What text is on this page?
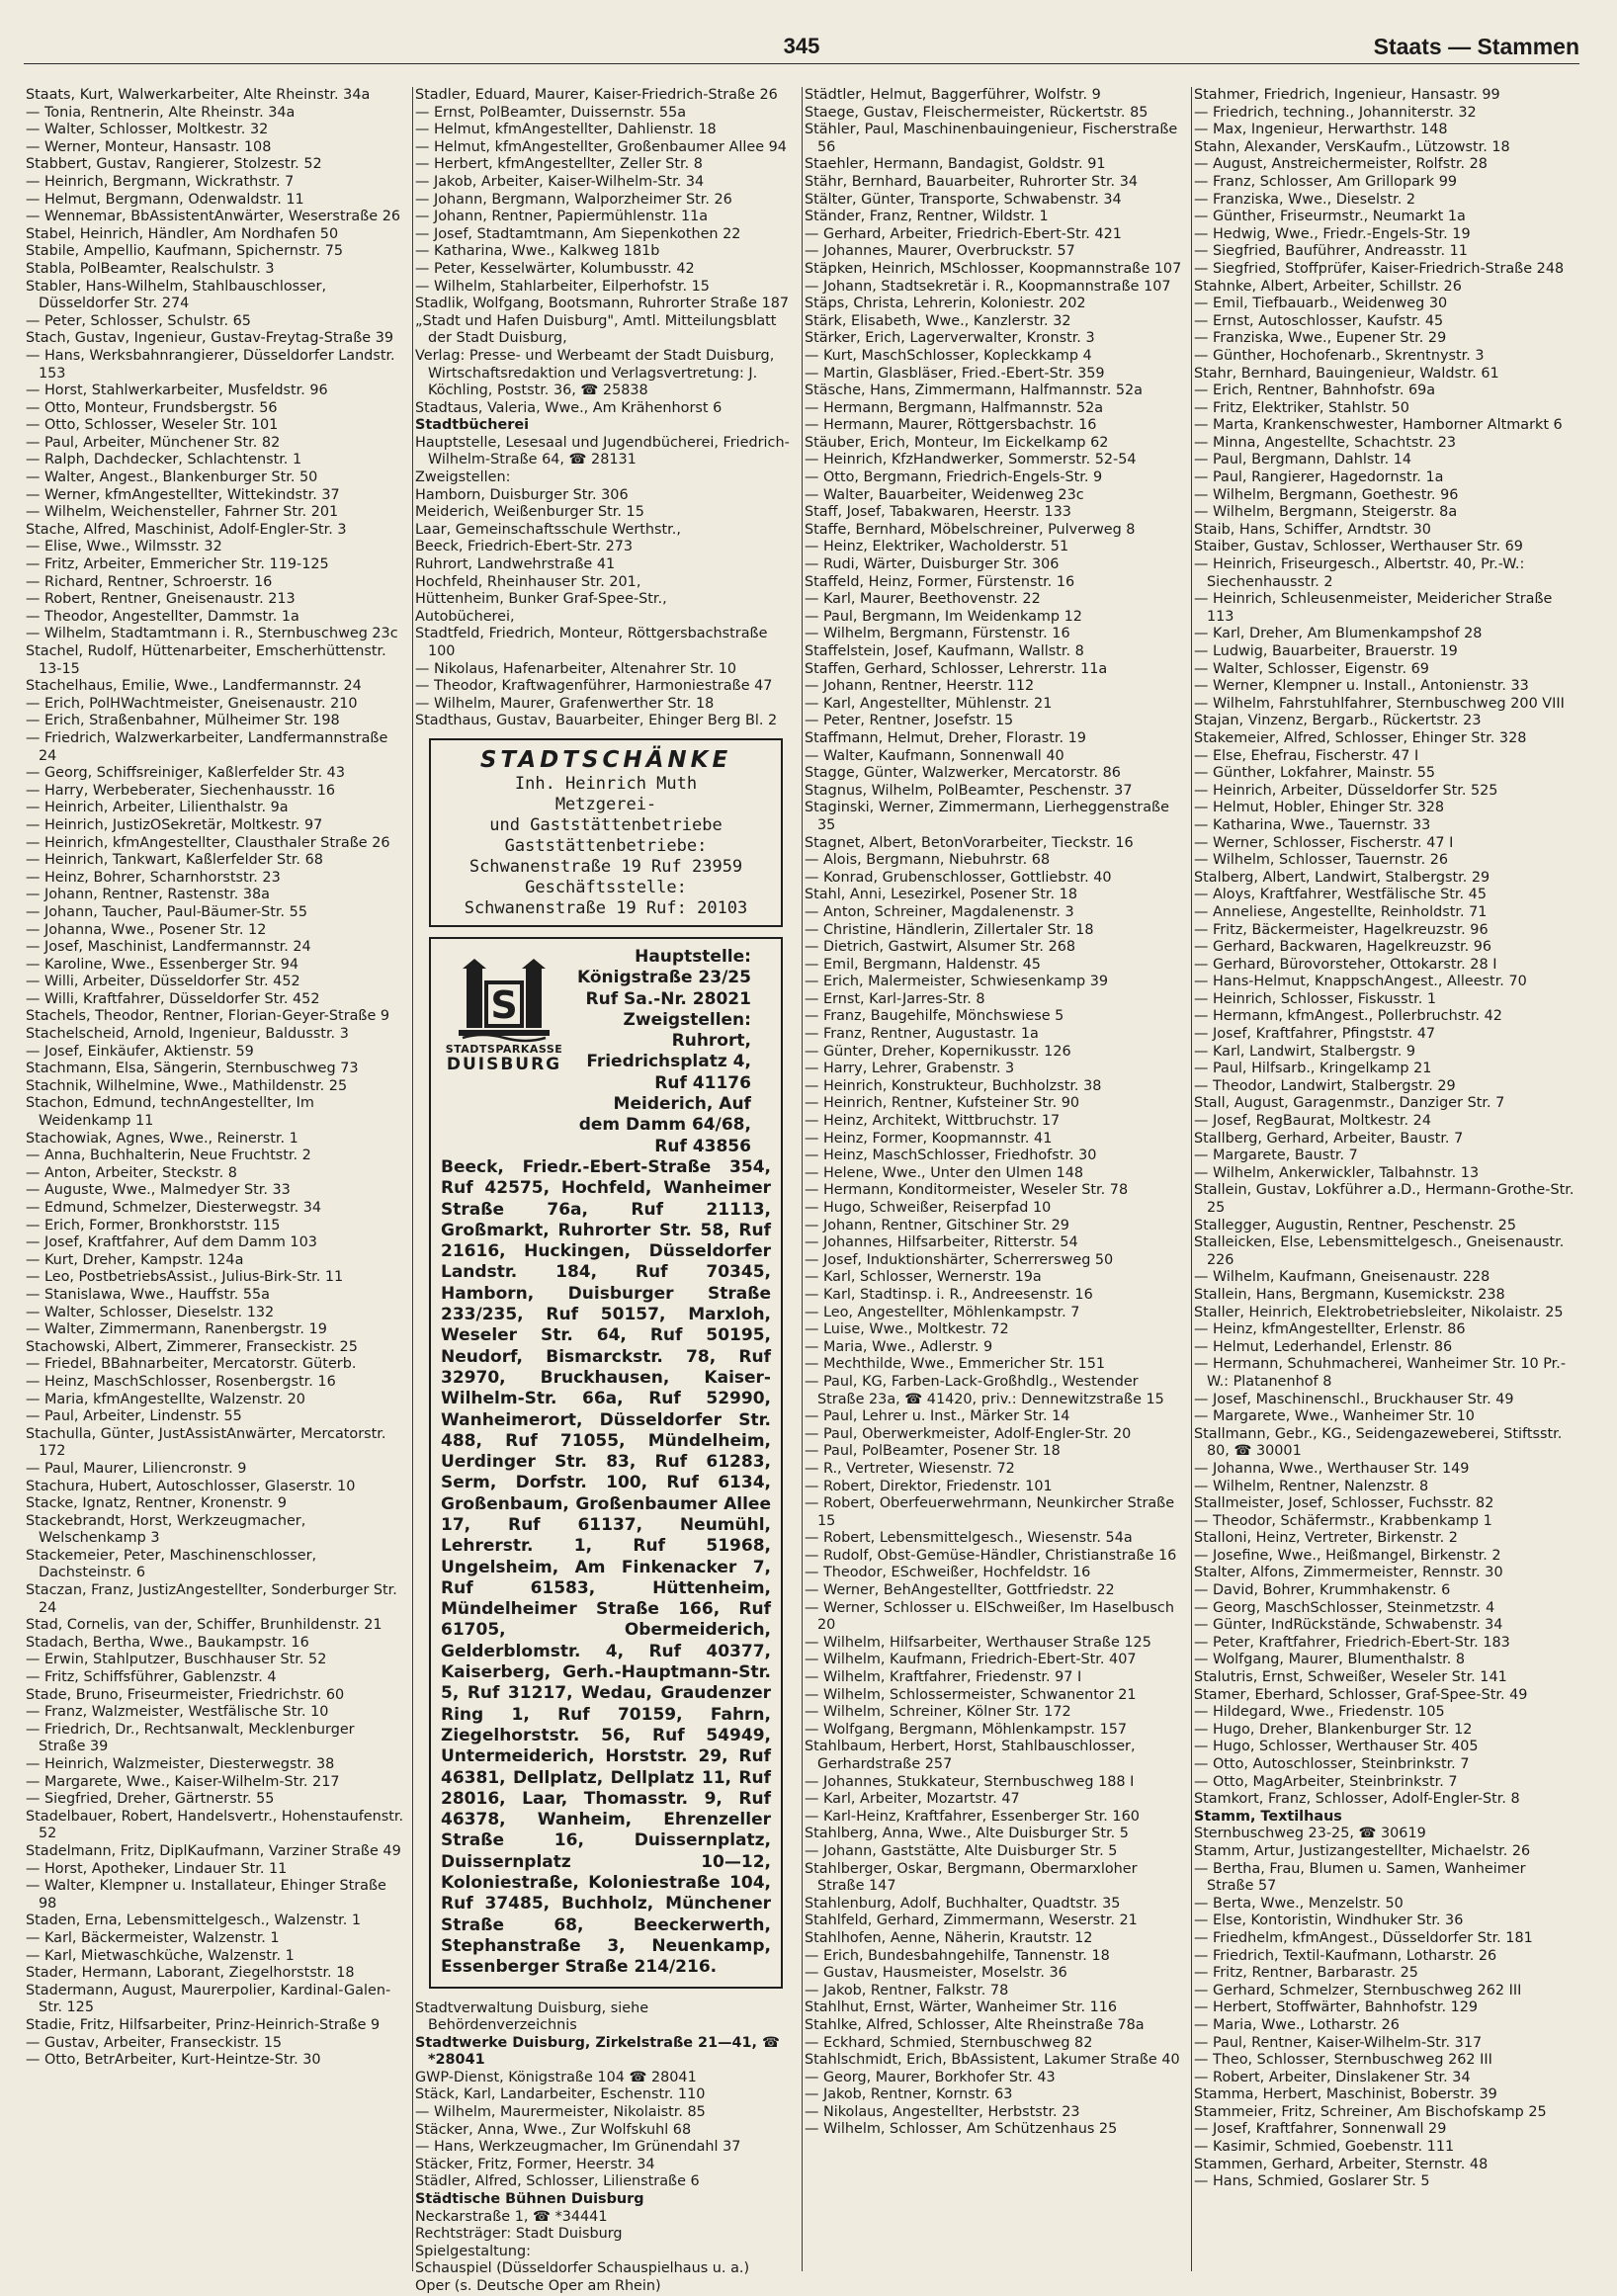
345	Staats — Stammen
Staats, Kurt, Walwerkarbeiter, Alte Rheinstr. 34a
— Tonia, Rentnerin, Alte Rheinstr. 34a
— Walter, Schlosser, Moltkestr. 32
— Werner, Monteur, Hansastr. 108
Stabbert, Gustav, Rangierer, Stolzestr. 52
— Heinrich, Bergmann, Wickrathstr. 7
— Helmut, Bergmann, Odenwaldstr. 11
— Wennemar, BbAssistentAnwärter, Weserstraße 26
Stabel, Heinrich, Händler, Am Nordhafen 50
Stabile, Ampellio, Kaufmann, Spichernstr. 75
Stabla, PolBeamter, Realschulstr. 3
Stabler, Hans-Wilhelm, Stahlbauschlosser, Düsseldorfer Str. 274
— Peter, Schlosser, Schulstr. 65
Stach, Gustav, Ingenieur, Gustav-Freytag-Straße 39
— Hans, Werksbahnrangierer, Düsseldorfer Landstr. 153
— Horst, Stahlwerkarbeiter, Musfeldstr. 96
— Otto, Monteur, Frundsbergstr. 56
— Otto, Schlosser, Weseler Str. 101
— Paul, Arbeiter, Münchener Str. 82
— Ralph, Dachdecker, Schlachtenstr. 1
— Walter, Angest., Blankenburger Str. 50
— Werner, kfmAngestellter, Wittekindstr. 37
— Wilhelm, Weichensteller, Fahrner Str. 201
Stache, Alfred, Maschinist, Adolf-Engler-Str. 3
— Elise, Wwe., Wilmsstr. 32
— Fritz, Arbeiter, Emmericher Str. 119-125
— Richard, Rentner, Schroerstr. 16
— Robert, Rentner, Gneisenaustr. 213
— Theodor, Angestellter, Dammstr. 1a
— Wilhelm, Stadtamtmann i. R., Sternbuschweg 23c
Stachel, Rudolf, Hüttenarbeiter, Emscherhüttenstr. 13-15
Stachelhaus, Emilie, Wwe., Landfermannstr. 24
— Erich, PolHWachtmeister, Gneisenaustr. 210
— Erich, Straßenbahner, Mülheimer Str. 198
— Friedrich, Walzwerkarbeiter, Landfermannstraße 24
— Georg, Schiffsreiniger, Kaßlerfelder Str. 43
— Harry, Werbeberater, Siechenhausstr. 16
— Heinrich, Arbeiter, Lilienthalstr. 9a
— Heinrich, JustizOSekretär, Moltkestr. 97
— Heinrich, kfmAngestellter, Clausthaler Straße 26
— Heinrich, Tankwart, Kaßlerfelder Str. 68
— Heinz, Bohrer, Scharnhorststr. 23
— Johann, Rentner, Rastenstr. 38a
— Johann, Taucher, Paul-Bäumer-Str. 55
— Johanna, Wwe., Posener Str. 12
— Josef, Maschinist, Landfermannstr. 24
— Karoline, Wwe., Essenberger Str. 94
— Willi, Arbeiter, Düsseldorfer Str. 452
— Willi, Kraftfahrer, Düsseldorfer Str. 452
Stachels, Theodor, Rentner, Florian-Geyer-Straße 9
Stachelscheid, Arnold, Ingenieur, Baldusstr. 3
— Josef, Einkäufer, Aktienstr. 59
Stachmann, Elsa, Sängerin, Sternbuschweg 73
Stachnik, Wilhelmine, Wwe., Mathildenstr. 25
Stachon, Edmund, technAngestellter, Im Weidenkamp 11
Stachowiak, Agnes, Wwe., Reinerstr. 1
— Anna, Buchhalterin, Neue Fruchtstr. 2
— Anton, Arbeiter, Steckstr. 8
— Auguste, Wwe., Malmedyer Str. 33
— Edmund, Schmelzer, Diesterwegstr. 34
— Erich, Former, Bronkhorststr. 115
— Josef, Kraftfahrer, Auf dem Damm 103
— Kurt, Dreher, Kampstr. 124a
— Leo, PostbetriebsAssist., Julius-Birk-Str. 11
— Stanislawa, Wwe., Hauffstr. 55a
— Walter, Schlosser, Dieselstr. 132
— Walter, Zimmermann, Ranenbergstr. 19
Stachowski, Albert, Zimmerer, Franseckistr. 25
— Friedel, BBahnarbeiter, Mercatorstr. Güterb.
— Heinz, MaschSchlosser, Rosenbergstr. 16
— Maria, kfmAngestellte, Walzenstr. 20
— Paul, Arbeiter, Lindenstr. 55
Stachulla, Günter, JustAssistAnwärter, Mercatorstr. 172
— Paul, Maurer, Liliencronstr. 9
Stachura, Hubert, Autoschlosser, Glaserstr. 10
Stacke, Ignatz, Rentner, Kronenstr. 9
Stackebrandt, Horst, Werkzeugmacher, Welschenkamp 3
Stackemeier, Peter, Maschinenschlosser, Dachsteinstr. 6
Staczan, Franz, JustizAngestellter, Sonderburger Str. 24
Stad, Cornelis, van der, Schiffer, Brunhildenstr. 21
Stadach, Bertha, Wwe., Baukampstr. 16
— Erwin, Stahlputzer, Buschhauser Str. 52
— Fritz, Schiffsführer, Gablenzstr. 4
Stade, Bruno, Friseurmeister, Friedrichstr. 60
— Franz, Walzmeister, Westfälische Str. 10
— Friedrich, Dr., Rechtsanwalt, Mecklenburger Straße 39
— Heinrich, Walzmeister, Diesterwegstr. 38
— Margarete, Wwe., Kaiser-Wilhelm-Str. 217
— Siegfried, Dreher, Gärtnerstr. 55
Stadelbauer, Robert, Handelsvertr., Hohenstaufenstr. 52
Stadelmann, Fritz, DiplKaufmann, Varziner Straße 49
— Horst, Apotheker, Lindauer Str. 11
— Walter, Klempner u. Installateur, Ehinger Straße 98
Staden, Erna, Lebensmittelgesch., Walzenstr. 1
— Karl, Bäckermeister, Walzenstr. 1
— Karl, Mietwaschküche, Walzenstr. 1
Stader, Hermann, Laborant, Ziegelhorststr. 18
Stadermann, August, Maurerpolier, Kardinal-Galen-Str. 125
Stadie, Fritz, Hilfsarbeiter, Prinz-Heinrich-Straße 9
— Gustav, Arbeiter, Franseckistr. 15
— Otto, BetrArbeiter, Kurt-Heintze-Str. 30
Stadler, Eduard, Maurer, Kaiser-Friedrich-Straße 26
— Ernst, PolBeamter, Duissernstr. 55a
— Helmut, kfmAngestellter, Dahlienstr. 18
— Helmut, kfmAngestellter, Großenbaumer Allee 94
— Herbert, kfmAngestellter, Zeller Str. 8
— Jakob, Arbeiter, Kaiser-Wilhelm-Str. 34
— Johann, Bergmann, Walporzheimer Str. 26
— Johann, Rentner, Papiermühlenstr. 11a
— Josef, Stadtamtmann, Am Siepenkothen 22
— Katharina, Wwe., Kalkweg 181b
— Peter, Kesselwärter, Kolumbusstr. 42
— Wilhelm, Stahlarbeiter, Eilperhofstr. 15
Stadlik, Wolfgang, Bootsmann, Ruhrorter Straße 187
„Stadt und Hafen Duisburg", Amtl. Mitteilungsblatt der Stadt Duisburg,
Verlag: Presse- und Werbeamt der Stadt Duisburg, Wirtschaftsredaktion und Verlagsvertretung: J. Köchling, Poststr. 36, ☎ 25838
Stadtaus, Valeria, Wwe., Am Krähenhorst 6
Stadtbücherei
Hauptstelle, Lesesaal und Jugendbücherei, Friedrich-Wilhelm-Straße 64, ☎ 28131
Zweigstellen:
Hamborn, Duisburger Str. 306
Meiderich, Weißenburger Str. 15
Laar, Gemeinschaftsschule Werthstr.,
Beeck, Friedrich-Ebert-Str. 273
Ruhrort, Landwehrstraße 41
Hochfeld, Rheinhauser Str. 201,
Hüttenheim, Bunker Graf-Spee-Str.,
Autobücherei,
Stadtfeld, Friedrich, Monteur, Röttgersbachstraße 100
— Nikolaus, Hafenarbeiter, Altenahrer Str. 10
— Theodor, Kraftwagenführer, Harmoniestraße 47
— Wilhelm, Maurer, Grafenwerther Str. 18
Stadthaus, Gustav, Bauarbeiter, Ehinger Berg Bl. 2
STADTSCHÄNKE
Inh. Heinrich Muth
Metzgerei-
und Gaststättenbetriebe
Gaststättenbetriebe:
Schwanenstraße 19 Ruf 23959
Geschäftsstelle:
Schwanenstraße 19 Ruf: 20103
S
STADTSPARKASSE
DUISBURG
Hauptstelle:
Königstraße 23/25
Ruf Sa.-Nr. 28021
Zweigstellen:
Ruhrort,
Friedrichsplatz 4,
Ruf 41176
Meiderich, Auf
dem Damm 64/68,
Ruf 43856
Beeck, Friedr.-Ebert-Straße 354, Ruf 42575, Hochfeld, Wanheimer Straße 76a, Ruf 21113, Großmarkt, Ruhrorter Str. 58, Ruf 21616, Huckingen, Düsseldorfer Landstr. 184, Ruf 70345, Hamborn, Duisburger Straße 233/235, Ruf 50157, Marxloh, Weseler Str. 64, Ruf 50195, Neudorf, Bismarckstr. 78, Ruf 32970, Bruckhausen, Kaiser-Wilhelm-Str. 66a, Ruf 52990, Wanheimerort, Düsseldorfer Str. 488, Ruf 71055, Mündelheim, Uerdinger Str. 83, Ruf 61283, Serm, Dorfstr. 100, Ruf 6134, Großenbaum, Großenbaumer Allee 17, Ruf 61137, Neumühl, Lehrerstr. 1, Ruf 51968, Ungelsheim, Am Finkenacker 7, Ruf 61583, Hüttenheim, Mündelheimer Straße 166, Ruf 61705, Obermeiderich, Gelderblomstr. 4, Ruf 40377, Kaiserberg, Gerh.-Hauptmann-Str. 5, Ruf 31217, Wedau, Graudenzer Ring 1, Ruf 70159, Fahrn, Ziegelhorststr. 56, Ruf 54949, Untermeiderich, Horststr. 29, Ruf 46381, Dellplatz, Dellplatz 11, Ruf 28016, Laar, Thomasstr. 9, Ruf 46378, Wanheim, Ehrenzeller Straße 16, Duissernplatz, Duissernplatz 10—12, Koloniestraße, Koloniestraße 104, Ruf 37485, Buchholz, Münchener Straße 68, Beeckerwerth, Stephanstraße 3, Neuenkamp, Essenberger Straße 214/216.
Stadtverwaltung Duisburg, siehe Behördenverzeichnis
Stadtwerke Duisburg, Zirkelstraße 21—41, ☎ *28041
GWP-Dienst, Königstraße 104 ☎ 28041
Stäck, Karl, Landarbeiter, Eschenstr. 110
— Wilhelm, Maurermeister, Nikolaistr. 85
Stäcker, Anna, Wwe., Zur Wolfskuhl 68
— Hans, Werkzeugmacher, Im Grünendahl 37
Stäcker, Fritz, Former, Heerstr. 34
Städler, Alfred, Schlosser, Lilienstraße 6
Städtische Bühnen Duisburg
Neckarstraße 1, ☎ *34441
Rechtsträger: Stadt Duisburg
Spielgestaltung:
Schauspiel (Düsseldorfer Schauspielhaus u. a.)
Oper (s. Deutsche Oper am Rhein)
Städtler, Helmut, Baggerführer, Wolfstr. 9
Staege, Gustav, Fleischermeister, Rückertstr. 85
Stähler, Paul, Maschinenbauingenieur, Fischerstraße 56
Staehler, Hermann, Bandagist, Goldstr. 91
Stähr, Bernhard, Bauarbeiter, Ruhrorter Str. 34
Stälter, Günter, Transporte, Schwabenstr. 34
Ständer, Franz, Rentner, Wildstr. 1
— Gerhard, Arbeiter, Friedrich-Ebert-Str. 421
— Johannes, Maurer, Overbruckstr. 57
Stäpken, Heinrich, MSchlosser, Koopmannstraße 107
— Johann, Stadtsekretär i. R., Koopmannstraße 107
Stäps, Christa, Lehrerin, Koloniestr. 202
Stärk, Elisabeth, Wwe., Kanzlerstr. 32
Stärker, Erich, Lagerverwalter, Kronstr. 3
— Kurt, MaschSchlosser, Kopleckkamp 4
— Martin, Glasbläser, Fried.-Ebert-Str. 359
Stäsche, Hans, Zimmermann, Halfmannstr. 52a
— Hermann, Bergmann, Halfmannstr. 52a
— Hermann, Maurer, Röttgersbachstr. 16
Stäuber, Erich, Monteur, Im Eickelkamp 62
— Heinrich, KfzHandwerker, Sommerstr. 52-54
— Otto, Bergmann, Friedrich-Engels-Str. 9
— Walter, Bauarbeiter, Weidenweg 23c
Staff, Josef, Tabakwaren, Heerstr. 133
Staffe, Bernhard, Möbelschreiner, Pulverweg 8
— Heinz, Elektriker, Wacholderstr. 51
— Rudi, Wärter, Duisburger Str. 306
Staffeld, Heinz, Former, Fürstenstr. 16
— Karl, Maurer, Beethovenstr. 22
— Paul, Bergmann, Im Weidenkamp 12
— Wilhelm, Bergmann, Fürstenstr. 16
Staffelstein, Josef, Kaufmann, Wallstr. 8
Staffen, Gerhard, Schlosser, Lehrerstr. 11a
— Johann, Rentner, Heerstr. 112
— Karl, Angestellter, Mühlenstr. 21
— Peter, Rentner, Josefstr. 15
Staffmann, Helmut, Dreher, Florastr. 19
— Walter, Kaufmann, Sonnenwall 40
Stagge, Günter, Walzwerker, Mercatorstr. 86
Stagnus, Wilhelm, PolBeamter, Peschenstr. 37
Staginski, Werner, Zimmermann, Lierheggenstraße 35
Stagnet, Albert, BetonVorarbeiter, Tieckstr. 16
— Alois, Bergmann, Niebuhrstr. 68
— Konrad, Grubenschlosser, Gottliebstr. 40
Stahl, Anni, Lesezirkel, Posener Str. 18
— Anton, Schreiner, Magdalenenstr. 3
— Christine, Händlerin, Zillertaler Str. 18
— Dietrich, Gastwirt, Alsumer Str. 268
— Emil, Bergmann, Haldenstr. 45
— Erich, Malermeister, Schwiesenkamp 39
— Ernst, Karl-Jarres-Str. 8
— Franz, Baugehilfe, Mönchswiese 5
— Franz, Rentner, Augustastr. 1a
— Günter, Dreher, Kopernikusstr. 126
— Harry, Lehrer, Grabenstr. 3
— Heinrich, Konstrukteur, Buchholzstr. 38
— Heinrich, Rentner, Kufsteiner Str. 90
— Heinz, Architekt, Wittbruchstr. 17
— Heinz, Former, Koopmannstr. 41
— Heinz, MaschSchlosser, Friedhofstr. 30
— Helene, Wwe., Unter den Ulmen 148
— Hermann, Konditormeister, Weseler Str. 78
— Hugo, Schweißer, Reiserpfad 10
— Johann, Rentner, Gitschiner Str. 29
— Johannes, Hilfsarbeiter, Ritterstr. 54
— Josef, Induktionshärter, Scherrersweg 50
— Karl, Schlosser, Wernerstr. 19a
— Karl, Stadtinsp. i. R., Andreesenstr. 16
— Leo, Angestellter, Möhlenkampstr. 7
— Luise, Wwe., Moltkestr. 72
— Maria, Wwe., Adlerstr. 9
— Mechthilde, Wwe., Emmericher Str. 151
— Paul, KG, Farben-Lack-Großhdlg., Westender Straße 23a, ☎ 41420, priv.: Dennewitzstraße 15
— Paul, Lehrer u. Inst., Märker Str. 14
— Paul, Oberwerkmeister, Adolf-Engler-Str. 20
— Paul, PolBeamter, Posener Str. 18
— R., Vertreter, Wiesenstr. 72
— Robert, Direktor, Friedenstr. 101
— Robert, Oberfeuerwehrmann, Neunkircher Straße 15
— Robert, Lebensmittelgesch., Wiesenstr. 54a
— Rudolf, Obst-Gemüse-Händler, Christianstraße 16
— Theodor, ESchweißer, Hochfeldstr. 16
— Werner, BehAngestellter, Gottfriedstr. 22
— Werner, Schlosser u. ElSchweißer, Im Haselbusch 20
— Wilhelm, Hilfsarbeiter, Werthauser Straße 125
— Wilhelm, Kaufmann, Friedrich-Ebert-Str. 407
— Wilhelm, Kraftfahrer, Friedenstr. 97 I
— Wilhelm, Schlossermeister, Schwanentor 21
— Wilhelm, Schreiner, Kölner Str. 172
— Wolfgang, Bergmann, Möhlenkampstr. 157
Stahlbaum, Herbert, Horst, Stahlbauschlosser, Gerhardstraße 257
— Johannes, Stukkateur, Sternbuschweg 188 I
— Karl, Arbeiter, Mozartstr. 47
— Karl-Heinz, Kraftfahrer, Essenberger Str. 160
Stahlberg, Anna, Wwe., Alte Duisburger Str. 5
— Johann, Gaststätte, Alte Duisburger Str. 5
Stahlberger, Oskar, Bergmann, Obermarxloher Straße 147
Stahlenburg, Adolf, Buchhalter, Quadtstr. 35
Stahlfeld, Gerhard, Zimmermann, Weserstr. 21
Stahlhofen, Aenne, Näherin, Krautstr. 12
— Erich, Bundesbahngehilfe, Tannenstr. 18
— Gustav, Hausmeister, Moselstr. 36
— Jakob, Rentner, Falkstr. 78
Stahlhut, Ernst, Wärter, Wanheimer Str. 116
Stahlke, Alfred, Schlosser, Alte Rheinstraße 78a
— Eckhard, Schmied, Sternbuschweg 82
Stahlschmidt, Erich, BbAssistent, Lakumer Straße 40
— Georg, Maurer, Borkhofer Str. 43
— Jakob, Rentner, Kornstr. 63
— Nikolaus, Angestellter, Herbststr. 23
— Wilhelm, Schlosser, Am Schützenhaus 25
Stahmer, Friedrich, Ingenieur, Hansastr. 99
— Friedrich, techning., Johanniterstr. 32
— Max, Ingenieur, Herwarthstr. 148
Stahn, Alexander, VersKaufm., Lützowstr. 18
— August, Anstreichermeister, Rolfstr. 28
— Franz, Schlosser, Am Grillopark 99
— Franziska, Wwe., Dieselstr. 2
— Günther, Friseurmstr., Neumarkt 1a
— Hedwig, Wwe., Friedr.-Engels-Str. 19
— Siegfried, Bauführer, Andreasstr. 11
— Siegfried, Stoffprüfer, Kaiser-Friedrich-Straße 248
Stahnke, Albert, Arbeiter, Schillstr. 26
— Emil, Tiefbauarb., Weidenweg 30
— Ernst, Autoschlosser, Kaufstr. 45
— Franziska, Wwe., Eupener Str. 29
— Günther, Hochofenarb., Skrentnystr. 3
Stahr, Bernhard, Bauingenieur, Waldstr. 61
— Erich, Rentner, Bahnhofstr. 69a
— Fritz, Elektriker, Stahlstr. 50
— Marta, Krankenschwester, Hamborner Altmarkt 6
— Minna, Angestellte, Schachtstr. 23
— Paul, Bergmann, Dahlstr. 14
— Paul, Rangierer, Hagedornstr. 1a
— Wilhelm, Bergmann, Goethestr. 96
— Wilhelm, Bergmann, Steigerstr. 8a
Staib, Hans, Schiffer, Arndtstr. 30
Staiber, Gustav, Schlosser, Werthauser Str. 69
— Heinrich, Friseurgesch., Albertstr. 40, Pr.-W.: Siechenhausstr. 2
— Heinrich, Schleusenmeister, Meidericher Straße 113
— Karl, Dreher, Am Blumenkampshof 28
— Ludwig, Bauarbeiter, Brauerstr. 19
— Walter, Schlosser, Eigenstr. 69
— Werner, Klempner u. Install., Antonienstr. 33
— Wilhelm, Fahrstuhlfahrer, Sternbuschweg 200 VIII
Stajan, Vinzenz, Bergarb., Rückertstr. 23
Stakemeier, Alfred, Schlosser, Ehinger Str. 328
— Else, Ehefrau, Fischerstr. 47 I
— Günther, Lokfahrer, Mainstr. 55
— Heinrich, Arbeiter, Düsseldorfer Str. 525
— Helmut, Hobler, Ehinger Str. 328
— Katharina, Wwe., Tauernstr. 33
— Werner, Schlosser, Fischerstr. 47 I
— Wilhelm, Schlosser, Tauernstr. 26
Stalberg, Albert, Landwirt, Stalbergstr. 29
— Aloys, Kraftfahrer, Westfälische Str. 45
— Anneliese, Angestellte, Reinholdstr. 71
— Fritz, Bäckermeister, Hagelkreuzstr. 96
— Gerhard, Backwaren, Hagelkreuzstr. 96
— Gerhard, Bürovorsteher, Ottokarstr. 28 I
— Hans-Helmut, KnappschAngest., Alleestr. 70
— Heinrich, Schlosser, Fiskusstr. 1
— Hermann, kfmAngest., Pollerbruchstr. 42
— Josef, Kraftfahrer, Pfingststr. 47
— Karl, Landwirt, Stalbergstr. 9
— Paul, Hilfsarb., Kringelkamp 21
— Theodor, Landwirt, Stalbergstr. 29
Stall, August, Garagenmstr., Danziger Str. 7
— Josef, RegBaurat, Moltkestr. 24
Stallberg, Gerhard, Arbeiter, Baustr. 7
— Margarete, Baustr. 7
— Wilhelm, Ankerwickler, Talbahnstr. 13
Stallein, Gustav, Lokführer a.D., Hermann-Grothe-Str. 25
Stallegger, Augustin, Rentner, Peschenstr. 25
Stalleicken, Else, Lebensmittelgesch., Gneisenaustr. 226
— Wilhelm, Kaufmann, Gneisenaustr. 228
Stallein, Hans, Bergmann, Kusemickstr. 238
Staller, Heinrich, Elektrobetriebsleiter, Nikolaistr. 25
— Heinz, kfmAngestellter, Erlenstr. 86
— Helmut, Lederhandel, Erlenstr. 86
— Hermann, Schuhmacherei, Wanheimer Str. 10 Pr.-W.: Platanenhof 8
— Josef, Maschinenschl., Bruckhauser Str. 49
— Margarete, Wwe., Wanheimer Str. 10
Stallmann, Gebr., KG., Seidengazeweberei, Stiftsstr. 80, ☎ 30001
— Johanna, Wwe., Werthauser Str. 149
— Wilhelm, Rentner, Nalenzstr. 8
Stallmeister, Josef, Schlosser, Fuchsstr. 82
— Theodor, Schäfermstr., Krabbenkamp 1
Stalloni, Heinz, Vertreter, Birkenstr. 2
— Josefine, Wwe., Heißmangel, Birkenstr. 2
Stalter, Alfons, Zimmermeister, Rennstr. 30
— David, Bohrer, Krummhakenstr. 6
— Georg, MaschSchlosser, Steinmetzstr. 4
— Günter, IndRückstände, Schwabenstr. 34
— Peter, Kraftfahrer, Friedrich-Ebert-Str. 183
— Wolfgang, Maurer, Blumenthalstr. 8
Stalutris, Ernst, Schweißer, Weseler Str. 141
Stamer, Eberhard, Schlosser, Graf-Spee-Str. 49
— Hildegard, Wwe., Friedenstr. 105
— Hugo, Dreher, Blankenburger Str. 12
— Hugo, Schlosser, Werthauser Str. 405
— Otto, Autoschlosser, Steinbrinkstr. 7
— Otto, MagArbeiter, Steinbrinkstr. 7
Stamkort, Franz, Schlosser, Adolf-Engler-Str. 8
Stamm, Textilhaus
Sternbuschweg 23-25, ☎ 30619
Stamm, Artur, Justizangestellter, Michaelstr. 26
— Bertha, Frau, Blumen u. Samen, Wanheimer Straße 57
— Berta, Wwe., Menzelstr. 50
— Else, Kontoristin, Windhuker Str. 36
— Friedhelm, kfmAngest., Düsseldorfer Str. 181
— Friedrich, Textil-Kaufmann, Lotharstr. 26
— Fritz, Rentner, Barbarastr. 25
— Gerhard, Schmelzer, Sternbuschweg 262 III
— Herbert, Stoffwärter, Bahnhofstr. 129
— Maria, Wwe., Lotharstr. 26
— Paul, Rentner, Kaiser-Wilhelm-Str. 317
— Theo, Schlosser, Sternbuschweg 262 III
— Robert, Arbeiter, Dinslakener Str. 34
Stamma, Herbert, Maschinist, Boberstr. 39
Stammeier, Fritz, Schreiner, Am Bischofskamp 25
— Josef, Kraftfahrer, Sonnenwall 29
— Kasimir, Schmied, Goebenstr. 111
Stammen, Gerhard, Arbeiter, Sternstr. 48
— Hans, Schmied, Goslarer Str. 5
